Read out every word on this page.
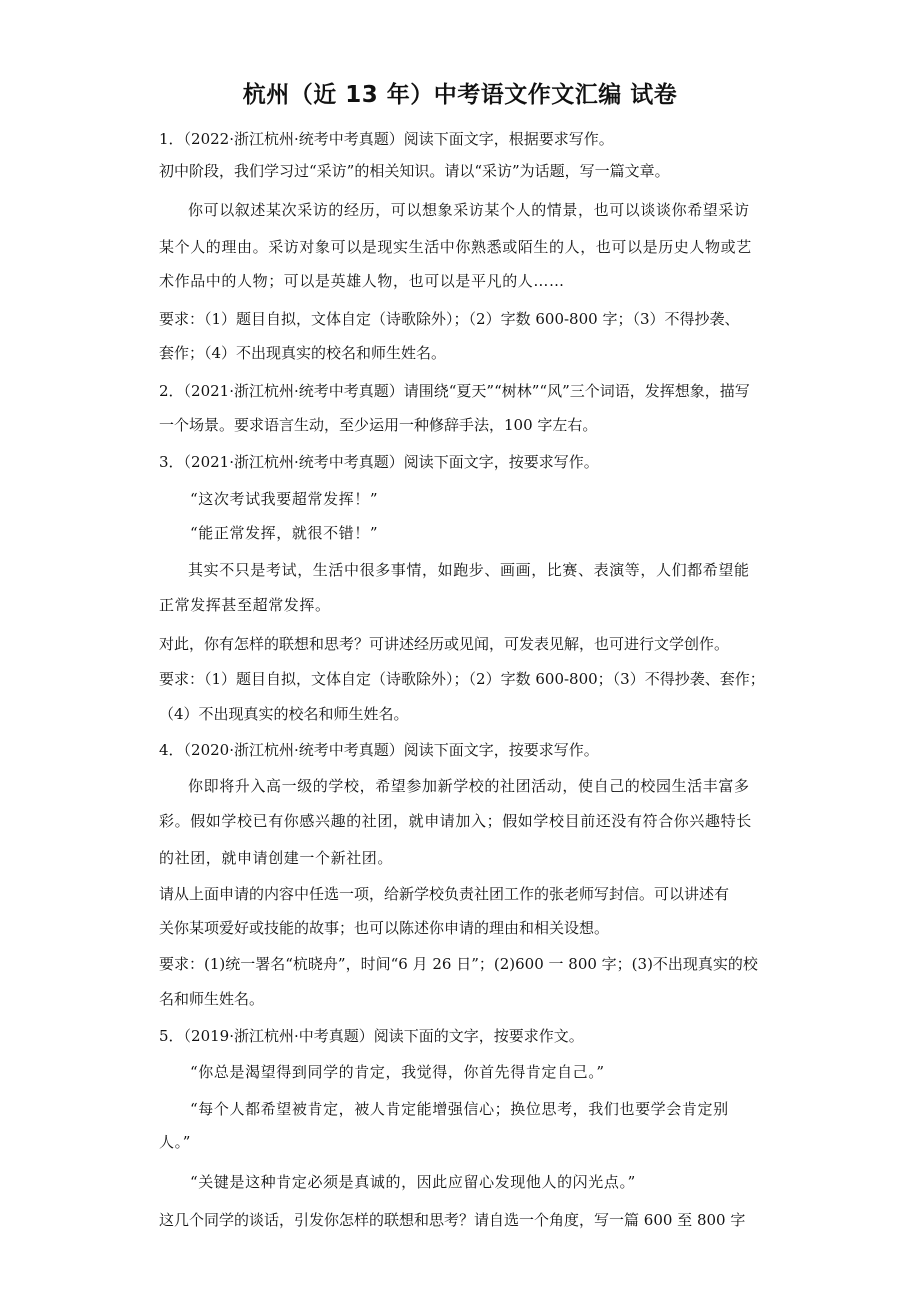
杭州（近 13 年）中考语文作文汇编 试卷
1．（2022·浙江杭州·统考中考真题）阅读下面文字，根据要求写作。
初中阶段，我们学习过“采访”的相关知识。请以“采访”为话题，写一篇文章。
你可以叙述某次采访的经历，可以想象采访某个人的情景，也可以谈谈你希望采访
某个人的理由。采访对象可以是现实生活中你熟悉或陌生的人，也可以是历史人物或艺
术作品中的人物；可以是英雄人物，也可以是平凡的人……
要求：（1）题目自拟，文体自定（诗歌除外）；（2）字数 600-800 字；（3）不得抄袭、
套作；（4）不出现真实的校名和师生姓名。
2．（2021·浙江杭州·统考中考真题）请围绕“夏天”“树林”“风”三个词语，发挥想象，描写
一个场景。要求语言生动，至少运用一种修辞手法，100 字左右。
3．（2021·浙江杭州·统考中考真题）阅读下面文字，按要求写作。
“这次考试我要超常发挥！”
“能正常发挥，就很不错！”
其实不只是考试，生活中很多事情，如跑步、画画，比赛、表演等，人们都希望能
正常发挥甚至超常发挥。
对此，你有怎样的联想和思考？可讲述经历或见闻，可发表见解，也可进行文学创作。
要求：（1）题目自拟，文体自定（诗歌除外）；（2）字数 600-800；（3）不得抄袭、套作；
（4）不出现真实的校名和师生姓名。
4．（2020·浙江杭州·统考中考真题）阅读下面文字，按要求写作。
你即将升入高一级的学校，希望参加新学校的社团活动，使自己的校园生活丰富多
彩。假如学校已有你感兴趣的社团，就申请加入；假如学校目前还没有符合你兴趣特长
的社团，就申请创建一个新社团。
请从上面申请的内容中任选一项，给新学校负责社团工作的张老师写封信。可以讲述有
关你某项爱好或技能的故事；也可以陈述你申请的理由和相关设想。
要求：(1)统一署名“杭晓舟”，时间“6 月 26 日”；(2)600 一 800 字；(3)不出现真实的校
名和师生姓名。
5．（2019·浙江杭州·中考真题）阅读下面的文字，按要求作文。
“你总是渴望得到同学的肯定，我觉得，你首先得肯定自己。”
“每个人都希望被肯定，被人肯定能增强信心；换位思考，我们也要学会肯定别
人。”
“关键是这种肯定必须是真诚的，因此应留心发现他人的闪光点。”
这几个同学的谈话，引发你怎样的联想和思考？请自选一个角度，写一篇 600 至 800 字
